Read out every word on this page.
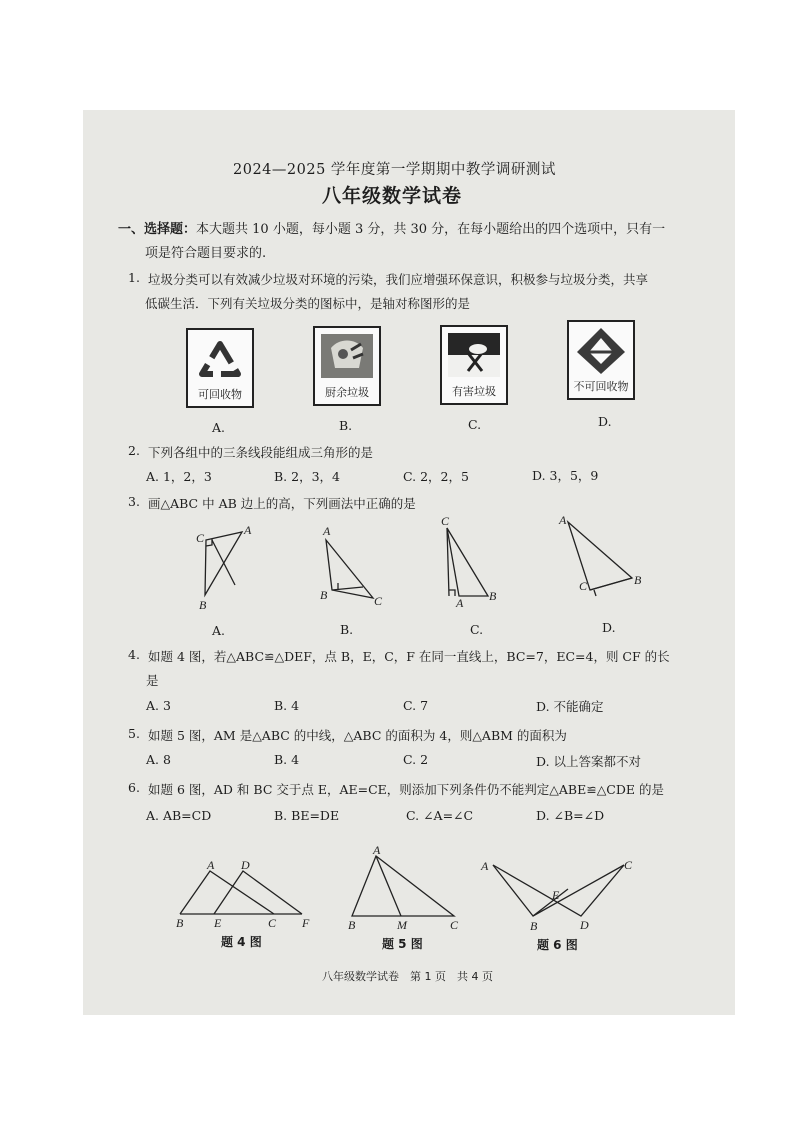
2024—2025 学年度第一学期期中教学调研测试
八年级数学试卷
一、选择题：本大题共 10 小题，每小题 3 分，共 30 分，在每小题给出的四个选项中，只有一
项是符合题目要求的.
1. 垃圾分类可以有效减少垃圾对环境的污染，我们应增强环保意识，积极参与垃圾分类，共享
低碳生活．下列有关垃圾分类的图标中，是轴对称图形的是
可回收物	厨余垃圾	有害垃圾	不可回收物
A.	B.	C.	D.
2. 下列各组中的三条线段能组成三角形的是
A. 1，2，3	B. 2，3，4	C. 2，2，5	D. 3，5，9
3. 画△ABC 中 AB 边上的高，下列画法中正确的是
A
B
C	A
B	C	A B
C	A
B
C
A.	B.	C.	D.
4. 如题 4 图，若△ABC≌△DEF，点 B，E，C，F 在同一直线上，BC=7，EC=4，则 CF 的长
是
A. 3	B. 4	C. 7	D. 不能确定
5. 如题 5 图，AM 是△ABC 的中线，△ABC 的面积为 4，则△ABM 的面积为
A. 8	B. 4	C. 2	D. 以上答案都不对
6. 如题 6 图，AD 和 BC 交于点 E，AE=CE，则添加下列条件仍不能判定△ABE≌△CDE 的是
A. AB=CD	B. BE=DE	C. ∠A=∠C	D. ∠B=∠D
A D
B	E	C F
A
B	M	C
A	C
E
B	D
题 4 图	题 5 图	题 6 图
八年级数学试卷　第 1 页　共 4 页
